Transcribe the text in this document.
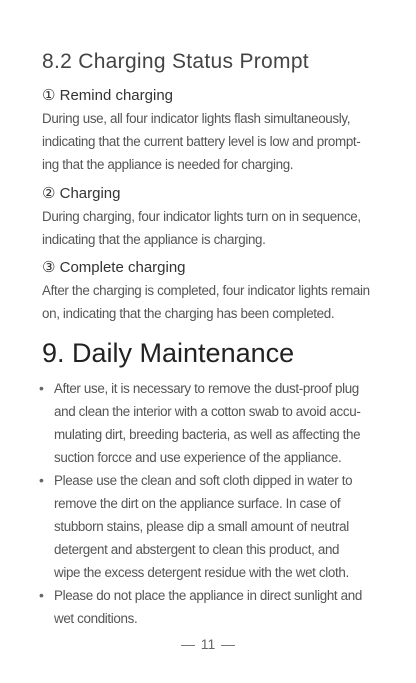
8.2 Charging Status Prompt
① Remind charging
During use, all four indicator lights flash simultaneously,
indicating that the current battery level is low and prompt-
ing that the appliance is needed for charging.
② Charging
During charging, four indicator lights turn on in sequence,
indicating that the appliance is charging.
③ Complete charging
After the charging is completed, four indicator lights remain
on, indicating that the charging has been completed.
9. Daily Maintenance
• After use, it is necessary to remove the dust-proof plug
and clean the interior with a cotton swab to avoid accu-
mulating dirt, breeding bacteria, as well as affecting the
suction forcce and use experience of the appliance.
• Please use the clean and soft cloth dipped in water to
remove the dirt on the appliance surface. In case of
stubborn stains, please dip a small amount of neutral
detergent and abstergent to clean this product, and
wipe the excess detergent residue with the wet cloth.
• Please do not place the appliance in direct sunlight and
wet conditions.
11
